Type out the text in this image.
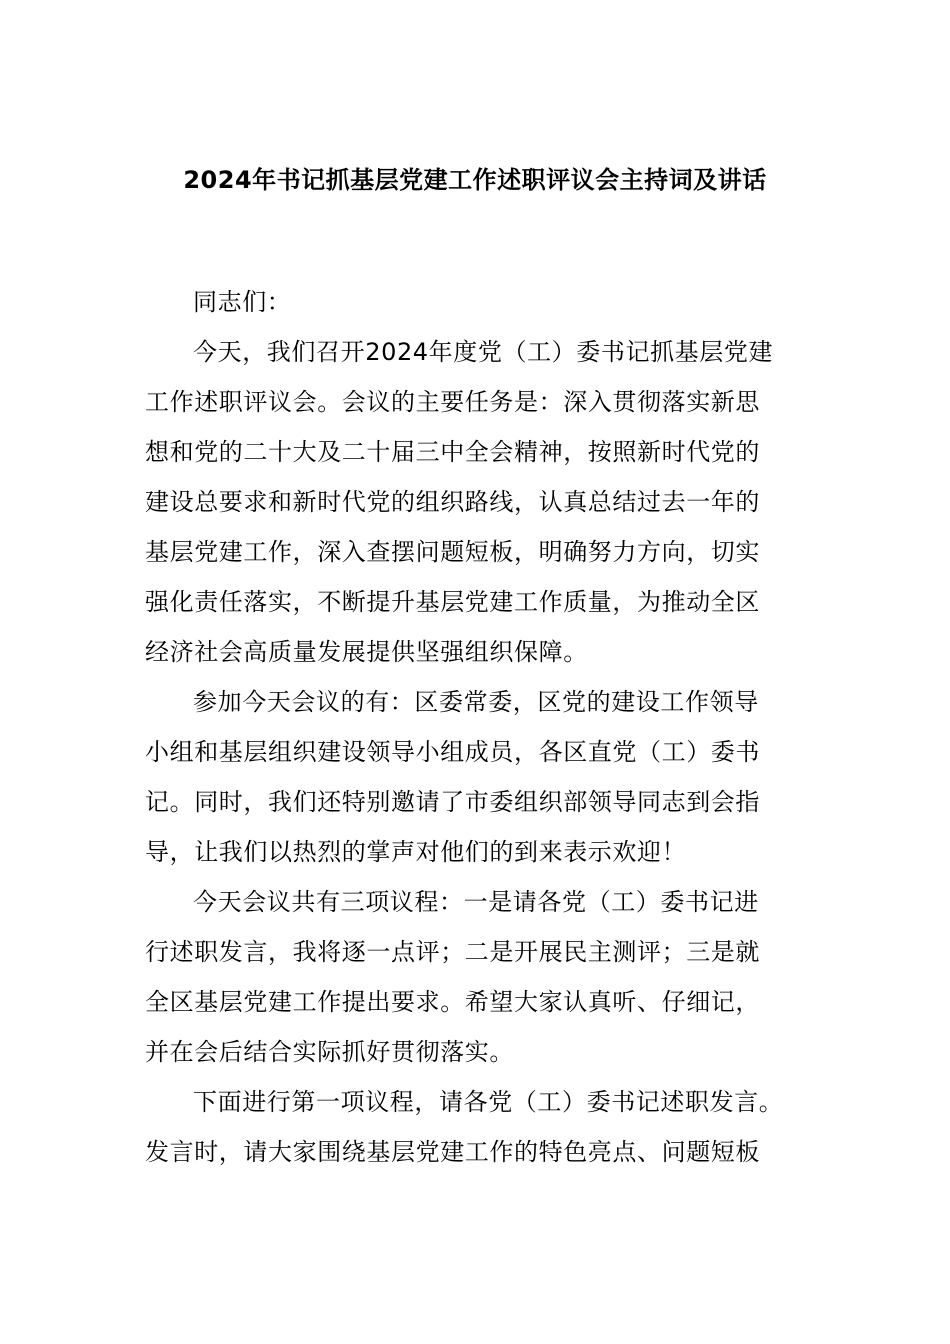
2024年书记抓基层党建工作述职评议会主持词及讲话
同志们：
今天，我们召开2024年度党（工）委书记抓基层党建
工作述职评议会。会议的主要任务是：深入贯彻落实新思
想和党的二十大及二十届三中全会精神，按照新时代党的
建设总要求和新时代党的组织路线，认真总结过去一年的
基层党建工作，深入查摆问题短板，明确努力方向，切实
强化责任落实，不断提升基层党建工作质量，为推动全区
经济社会高质量发展提供坚强组织保障。
参加今天会议的有：区委常委，区党的建设工作领导
小组和基层组织建设领导小组成员，各区直党（工）委书
记。同时，我们还特别邀请了市委组织部领导同志到会指
导，让我们以热烈的掌声对他们的到来表示欢迎！
今天会议共有三项议程：一是请各党（工）委书记进
行述职发言，我将逐一点评；二是开展民主测评；三是就
全区基层党建工作提出要求。希望大家认真听、仔细记，
并在会后结合实际抓好贯彻落实。
下面进行第一项议程，请各党（工）委书记述职发言。
发言时，请大家围绕基层党建工作的特色亮点、问题短板
